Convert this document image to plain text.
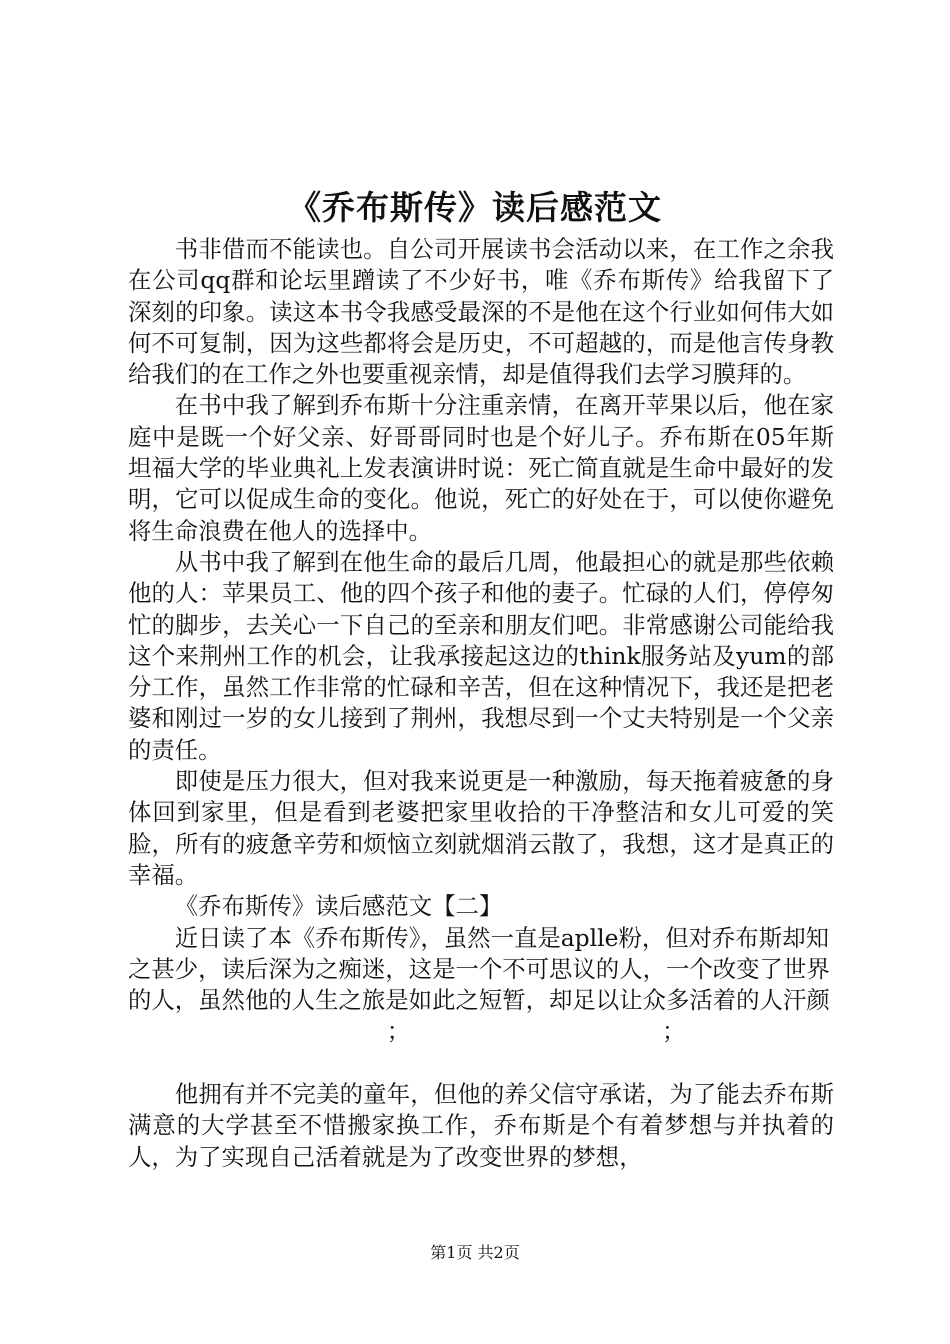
《乔布斯传》读后感范文

书非借而不能读也。自公司开展读书会活动以来，在工作之余我在公司qq群和论坛里蹭读了不少好书，唯《乔布斯传》给我留下了深刻的印象。读这本书令我感受最深的不是他在这个行业如何伟大如何不可复制，因为这些都将会是历史，不可超越的，而是他言传身教给我们的在工作之外也要重视亲情，却是值得我们去学习膜拜的。

在书中我了解到乔布斯十分注重亲情，在离开苹果以后，他在家庭中是既一个好父亲、好哥哥同时也是个好儿子。乔布斯在05年斯坦福大学的毕业典礼上发表演讲时说：死亡简直就是生命中最好的发明，它可以促成生命的变化。他说，死亡的好处在于，可以使你避免将生命浪费在他人的选择中。

从书中我了解到在他生命的最后几周，他最担心的就是那些依赖他的人：苹果员工、他的四个孩子和他的妻子。忙碌的人们，停停匆忙的脚步，去关心一下自己的至亲和朋友们吧。非常感谢公司能给我这个来荆州工作的机会，让我承接起这边的think服务站及yum的部分工作，虽然工作非常的忙碌和辛苦，但在这种情况下，我还是把老婆和刚过一岁的女儿接到了荆州，我想尽到一个丈夫特别是一个父亲的责任。

即使是压力很大，但对我来说更是一种激励，每天拖着疲惫的身体回到家里，但是看到老婆把家里收拾的干净整洁和女儿可爱的笑脸，所有的疲惫辛劳和烦恼立刻就烟消云散了，我想，这才是真正的幸福。

《乔布斯传》读后感范文【二】

近日读了本《乔布斯传》，虽然一直是aplle粉，但对乔布斯却知之甚少，读后深为之痴迷，这是一个不可思议的人，一个改变了世界的人，虽然他的人生之旅是如此之短暂，却足以让众多活着的人汗颜；	；

他拥有并不完美的童年，但他的养父信守承诺，为了能去乔布斯满意的大学甚至不惜搬家换工作，乔布斯是个有着梦想与并执着的人，为了实现自己活着就是为了改变世界的梦想，

第1页 共2页
